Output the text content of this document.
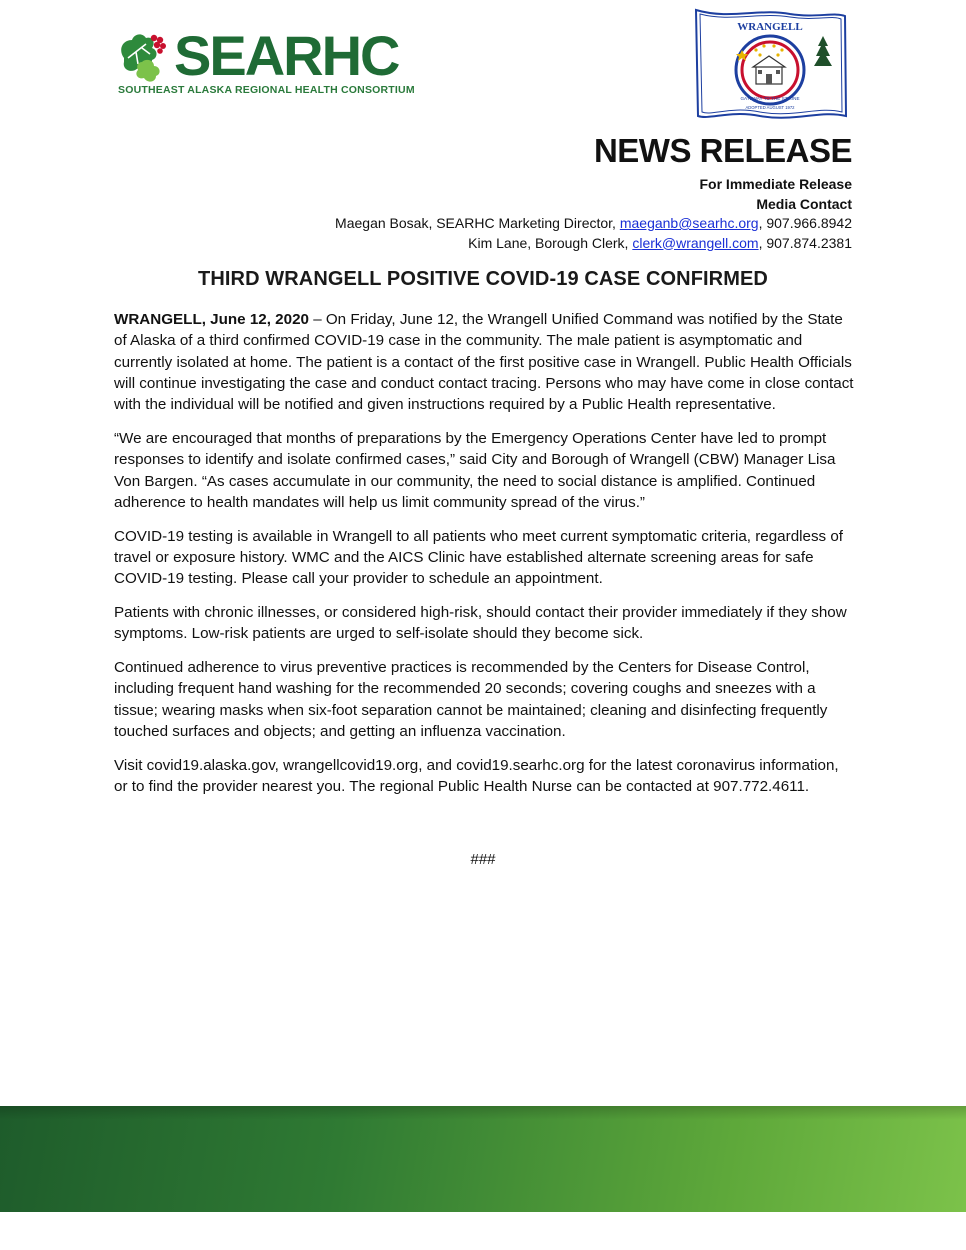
SEARHC
SOUTHEAST ALASKA REGIONAL HEALTH CONSORTIUM
WRANGELL
GATEWAY TO THE STIKINE
ADOPTED AUGUST 1972
NEWS RELEASE
For Immediate Release
Media Contact
Maegan Bosak, SEARHC Marketing Director, maeganb@searhc.org, 907.966.8942
Kim Lane, Borough Clerk, clerk@wrangell.com, 907.874.2381
THIRD WRANGELL POSITIVE COVID-19 CASE CONFIRMED

WRANGELL, June 12, 2020 – On Friday, June 12, the Wrangell Unified Command was notified by the State of Alaska of a third confirmed COVID-19 case in the community. The male patient is asymptomatic and currently isolated at home. The patient is a contact of the first positive case in Wrangell. Public Health Officials will continue investigating the case and conduct contact tracing. Persons who may have come in close contact with the individual will be notified and given instructions required by a Public Health representative.

“We are encouraged that months of preparations by the Emergency Operations Center have led to prompt responses to identify and isolate confirmed cases,” said City and Borough of Wrangell (CBW) Manager Lisa Von Bargen. “As cases accumulate in our community, the need to social distance is amplified. Continued adherence to health mandates will help us limit community spread of the virus.”

COVID-19 testing is available in Wrangell to all patients who meet current symptomatic criteria, regardless of travel or exposure history. WMC and the AICS Clinic have established alternate screening areas for safe COVID-19 testing. Please call your provider to schedule an appointment.

Patients with chronic illnesses, or considered high-risk, should contact their provider immediately if they show symptoms. Low-risk patients are urged to self-isolate should they become sick.

Continued adherence to virus preventive practices is recommended by the Centers for Disease Control, including frequent hand washing for the recommended 20 seconds; covering coughs and sneezes with a tissue; wearing masks when six-foot separation cannot be maintained; cleaning and disinfecting frequently touched surfaces and objects; and getting an influenza vaccination.

Visit covid19.alaska.gov, wrangellcovid19.org, and covid19.searhc.org for the latest coronavirus information, or to find the provider nearest you. The regional Public Health Nurse can be contacted at 907.772.4611.

###
